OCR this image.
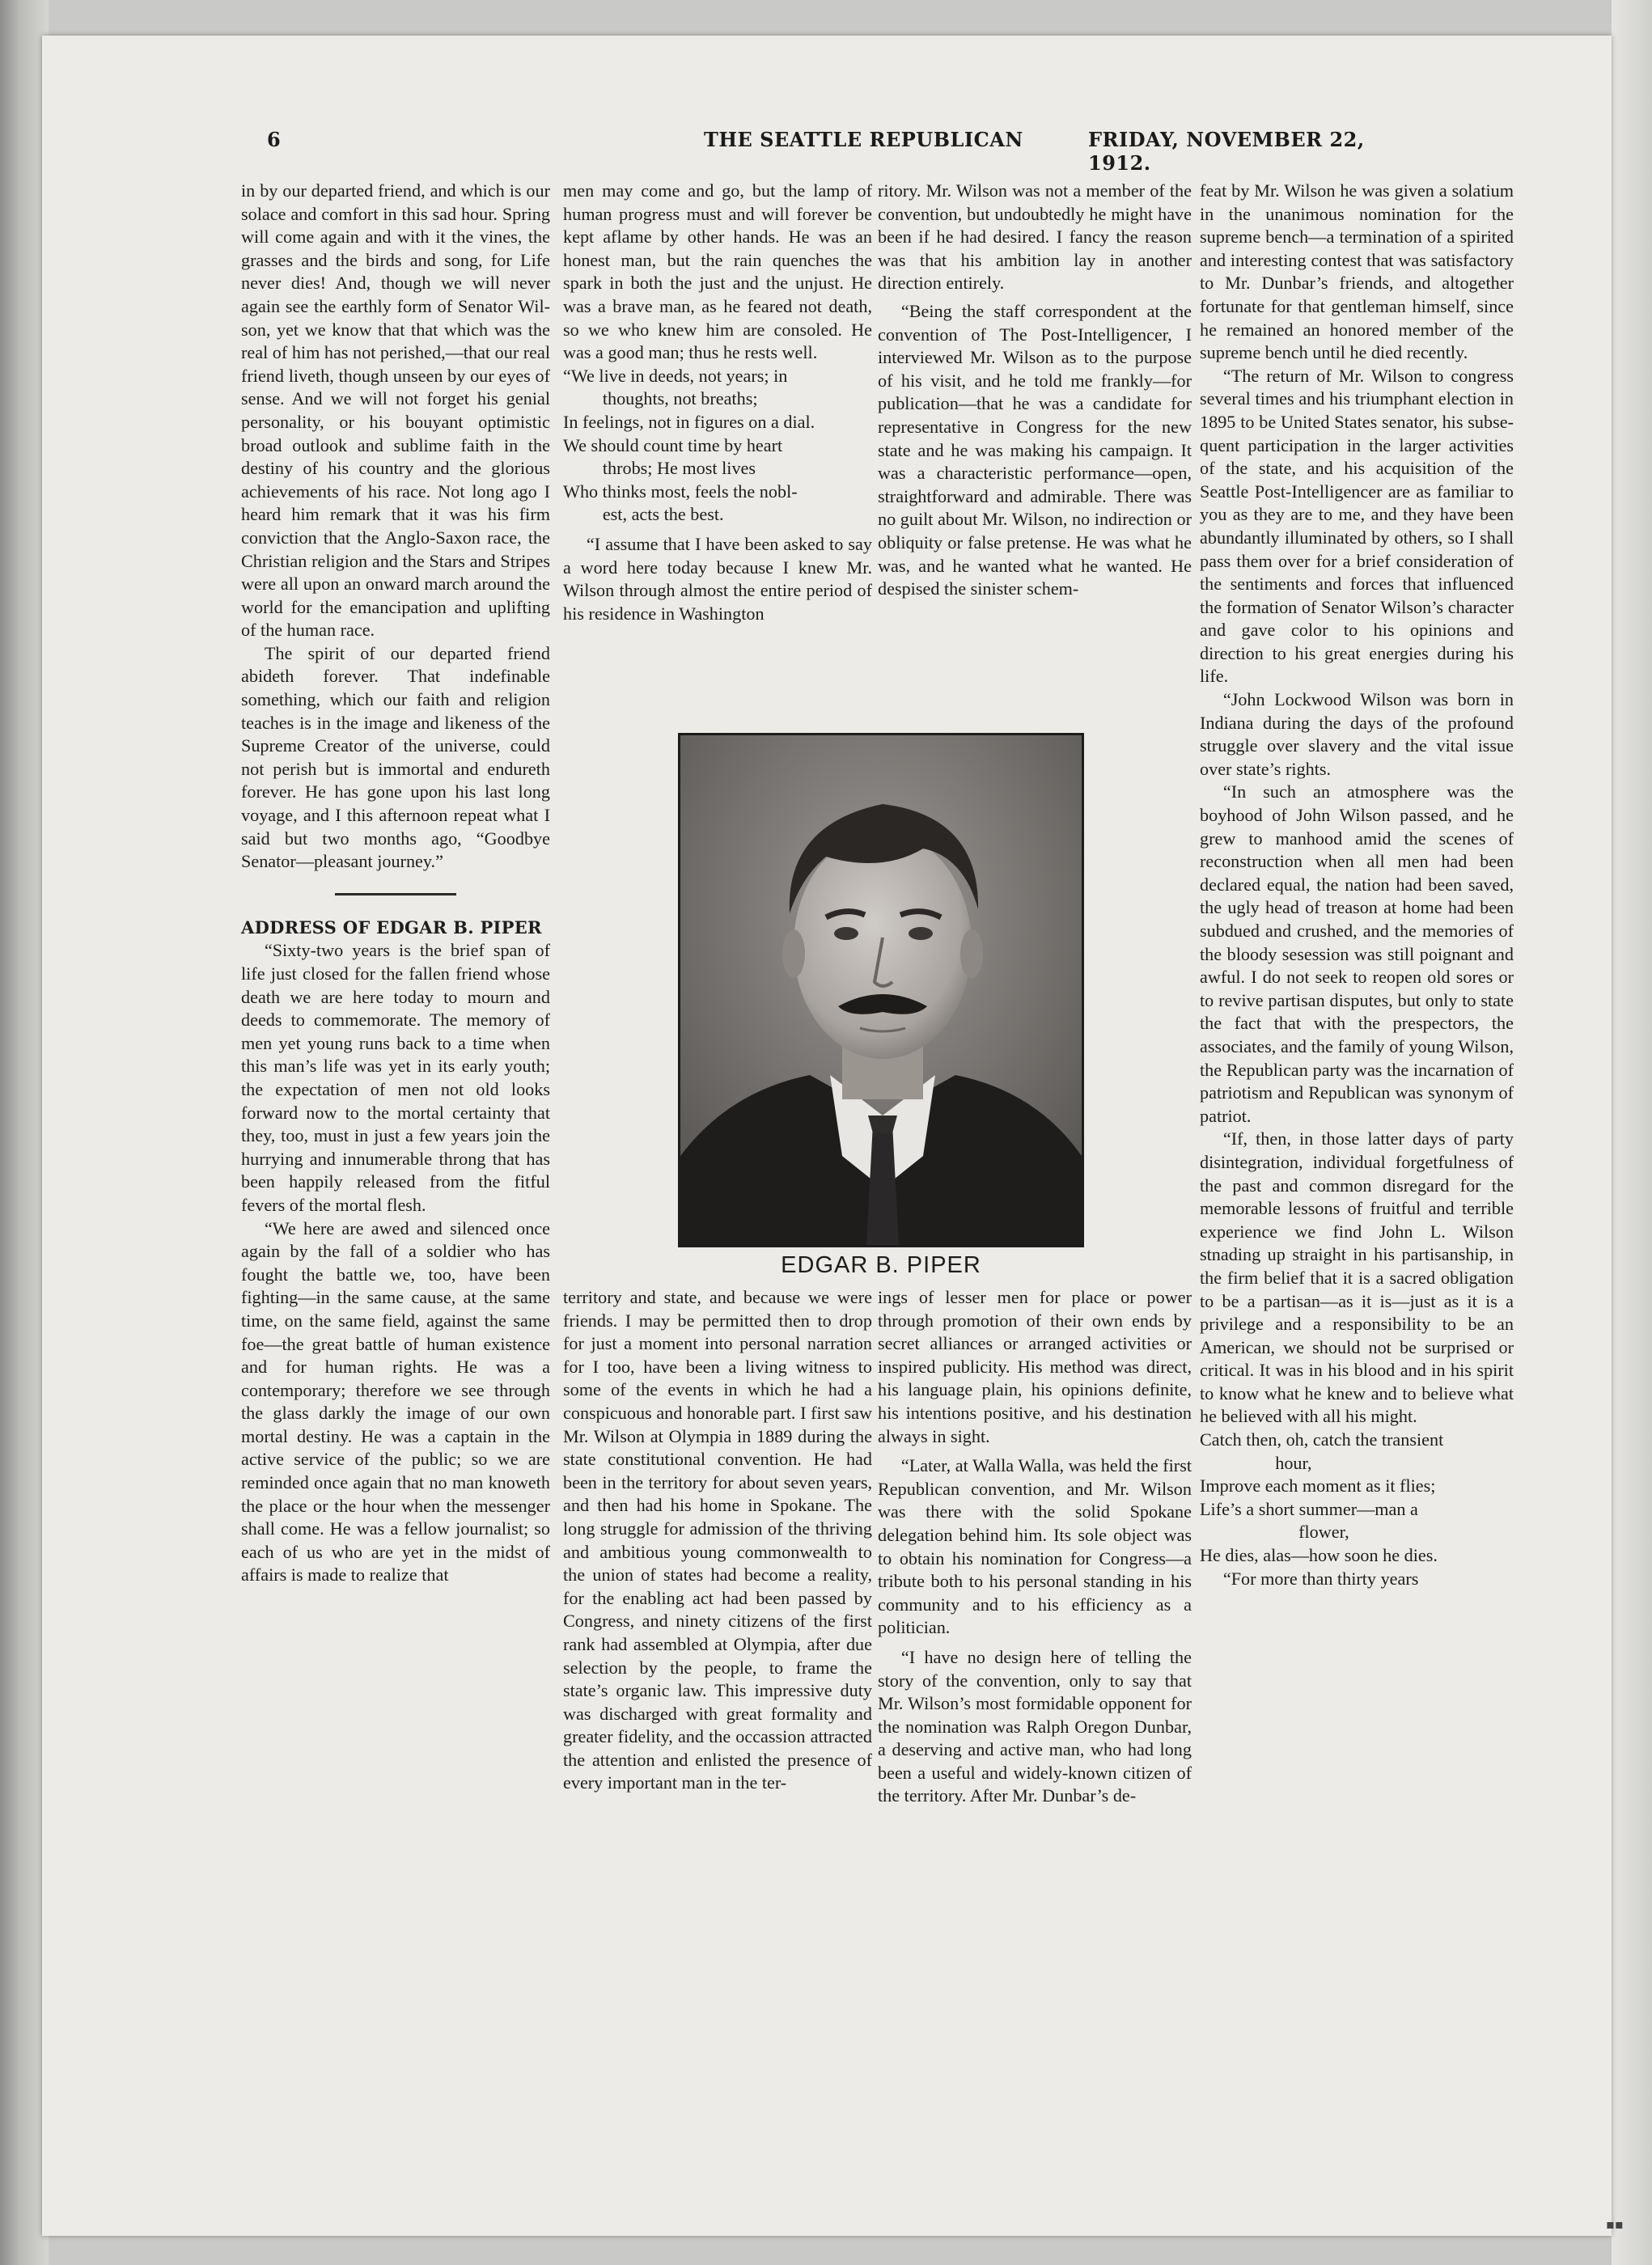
6	THE SEATTLE REPUBLICAN	FRIDAY, NOVEMBER 22, 1912.

in by our departed friend, and which is our solace and comfort in this sad hour. Spring will come again and with it the vines, the grasses and the birds and song, for Life never dies! And, though we will never again see the earthly form of Senator Wilson, yet we know that that which was the real of him has not perished,—that our real friend liveth, though unseen by our eyes of sense. And we will not forget his genial personality, or his bouyant optimistic broad outlook and sublime faith in the destiny of his country and the glorious achievements of his race. Not long ago I heard him remark that it was his firm conviction that the Anglo-Saxon race, the Christian religion and the Stars and Stripes were all upon an onward march around the world for the emancipation and uplifting of the human race.

The spirit of our departed friend abideth forever. That indefinable something, which our faith and religion teaches is in the image and likeness of the Supreme Creator of the universe, could not perish but is immortal and endureth forever. He has gone upon his last long voyage, and I this afternoon repeat what I said but two months ago, “Goodbye Senator—pleasant journey.”

ADDRESS OF EDGAR B. PIPER

“Sixty-two years is the brief span of life just closed for the fallen friend whose death we are here today to mourn and deeds to commemorate. The memory of men yet young runs back to a time when this man’s life was yet in its early youth; the expectation of men not old looks forward now to the mortal certainty that they, too, must in just a few years join the hurrying and innumerable throng that has been happily released from the fitful fevers of the mortal flesh.

“We here are awed and silenced once again by the fall of a soldier who has fought the battle we, too, have been fighting—in the same cause, at the same time, on the same field, against the same foe—the great battle of human existence and for human rights. He was a contemporary; therefore we see through the glass darkly the image of our own mortal destiny. He was a captain in the active service of the public; so we are reminded once again that no man knoweth the place or the hour when the messenger shall come. He was a fellow journalist; so each of us who are yet in the midst of affairs is made to realize that

men may come and go, but the lamp of human progress must and will forever be kept aflame by other hands. He was an honest man, but the rain quenches the spark in both the just and the unjust. He was a brave man, as he feared not death, so we who knew him are consoled. He was a good man; thus he rests well.

“We live in deeds, not years; in

thoughts, not breaths;

In feelings, not in figures on a dial.

We should count time by heart

throbs; He most lives

Who thinks most, feels the nobl-

est, acts the best.

“I assume that I have been asked to say a word here today because I knew Mr. Wilson through almost the entire period of his residence in Washington

ritory. Mr. Wilson was not a member of the convention, but undoubtedly he might have been if he had desired. I fancy the reason was that his ambition lay in another direction entirely.

“Being the staff correspondent at the convention of The Post-Intelligencer, I interviewed Mr. Wilson as to the purpose of his visit, and he told me frankly—for publication—that he was a candidate for representative in Congress for the new state and he was making his campaign. It was a characteristic performance—open, straightforward and admirable. There was no guilt about Mr. Wilson, no indirection or obliquity or false pretense. He was what he was, and he wanted what he wanted. He despised the sinister schem-

feat by Mr. Wilson he was given a solatium in the unanimous nomination for the supreme bench—a termination of a spirited and interesting contest that was satisfactory to Mr. Dunbar’s friends, and altogether fortunate for that gentleman himself, since he remained an honored member of the supreme bench until he died recently.

“The return of Mr. Wilson to congress several times and his triumphant election in 1895 to be United States senator, his subsequent participation in the larger activities of the state, and his acquisition of the Seattle Post-Intelligencer are as familiar to you as they are to me, and they have been abundantly illuminated by others, so I shall pass them over for a brief consideration of the sentiments and forces that influenced the formation of Senator Wilson’s character and gave color to his opinions and direction to his great energies during his life.

“John Lockwood Wilson was born in Indiana during the days of the profound struggle over slavery and the vital issue over state’s rights.

“In such an atmosphere was the boyhood of John Wilson passed, and he grew to manhood amid the scenes of reconstruction when all men had been declared equal, the nation had been saved, the ugly head of treason at home had been subdued and crushed, and the memories of the bloody sesession was still poignant and awful. I do not seek to reopen old sores or to revive partisan disputes, but only to state the fact that with the prespectors, the associates, and the family of young Wilson, the Republican party was the incarnation of patriotism and Republican was synonym of patriot.

“If, then, in those latter days of party disintegration, individual forgetfulness of the past and common disregard for the memorable lessons of fruitful and terrible experience we find John L. Wilson stnading up straight in his partisanship, in the firm belief that it is a sacred obligation to be a partisan—as it is—just as it is a privilege and a responsibility to be an American, we should not be surprised or critical. It was in his blood and in his spirit to know what he knew and to believe what he believed with all his might.

Catch then, oh, catch the transient

hour,

Improve each moment as it flies;

Life’s a short summer—man a

flower,

He dies, alas—how soon he dies.

“For more than thirty years

EDGAR B. PIPER

territory and state, and because we were friends. I may be permitted then to drop for just a moment into personal narration for I too, have been a living witness to some of the events in which he had a conspicuous and honorable part. I first saw Mr. Wilson at Olympia in 1889 during the state constitutional convention. He had been in the territory for about seven years, and then had his home in Spokane. The long struggle for admission of the thriving and ambitious young commonwealth to the union of states had become a reality, for the enabling act had been passed by Congress, and ninety citizens of the first rank had assembled at Olympia, after due selection by the people, to frame the state’s organic law. This impressive duty was discharged with great formality and greater fidelity, and the occassion attracted the attention and enlisted the presence of every important man in the ter-

ings of lesser men for place or power through promotion of their own ends by secret alliances or arranged activities or inspired publicity. His method was direct, his language plain, his opinions definite, his intentions positive, and his destination always in sight.

“Later, at Walla Walla, was held the first Republican convention, and Mr. Wilson was there with the solid Spokane delegation behind him. Its sole object was to obtain his nomination for Congress—a tribute both to his personal standing in his community and to his efficiency as a politician.

“I have no design here of telling the story of the convention, only to say that Mr. Wilson’s most formidable opponent for the nomination was Ralph Oregon Dunbar, a deserving and active man, who had long been a useful and widely-known citizen of the territory. After Mr. Dunbar’s de-

▪▪
